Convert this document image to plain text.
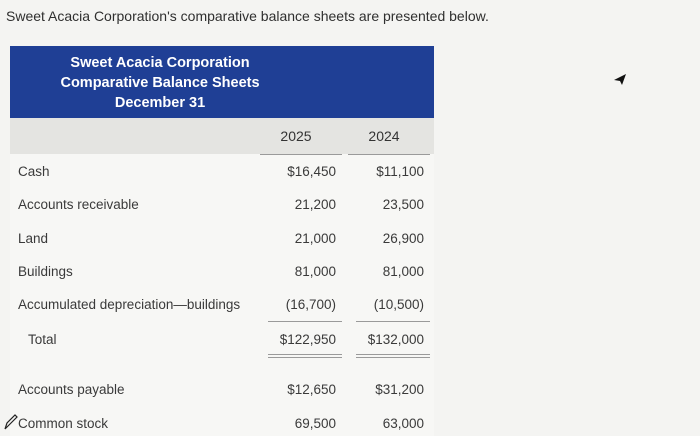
Sweet Acacia Corporation's comparative balance sheets are presented below.
Sweet Acacia Corporation
Comparative Balance Sheets
December 31
2025	2024
Cash	$16,450	$11,100
Accounts receivable	21,200	23,500
Land	21,000	26,900
Buildings	81,000	81,000
Accumulated depreciation—buildings	(16,700)	(10,500)
Total	$122,950	$132,000
Accounts payable	$12,650	$31,200
Common stock	69,500	63,000
